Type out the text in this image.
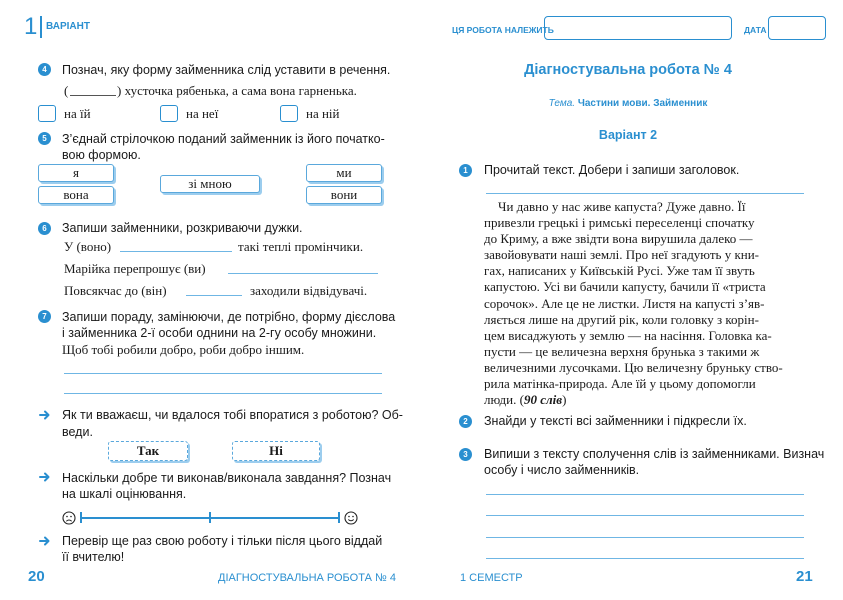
1 ВАРІАНТ
4	Познач, яку форму займенника слід уставити в речення.
(	) хусточка рябенька, а сама вона гарненька.
на їй	на неї	на ній
5	З’єднай стрілочкою поданий займенник із його початко-
вою формою.
я
вона
зі мною
ми
вони
6	Запиши займенники, розкриваючи дужки.
У (воно)	такі теплі промінчики.
Марійка перепрошує (ви)
Повсякчас до (він)	заходили відвідувачі.
7	Запиши пораду, замінюючи, де потрібно, форму дієслова
і займенника 2-ї особи однини на 2-гу особу множини.
Щоб тобі робили добро, роби добро іншим.
Як ти вважаєш, чи вдалося тобі впоратися з роботою? Об-
веди.
Так	Ні
Наскільки добре ти виконав/виконала завдання? Познач
на шкалі оцінювання.
Перевір ще раз свою роботу і тільки після цього віддай
її вчителю!
20	ДІАГНОСТУВАЛЬНА РОБОТА № 4
ЦЯ РОБОТА НАЛЕЖИТЬ	ДАТА
Діагностувальна робота № 4
Тема. Частини мови. Займенник
Варіант 2
1	Прочитай текст. Добери і запиши заголовок.

Чи давно у нас живе капуста? Дуже давно. Її

привезли грецькі і римські переселенці спочатку

до Криму, а вже звідти вона вирушила далеко —

завойовувати наші землі. Про неї згадують у кни-

гах, написаних у Київській Русі. Уже там її звуть

капустою. Усі ви бачили капусту, бачили її «триста

сорочок». Але це не листки. Листя на капусті з’яв-

ляється лише на другий рік, коли головку з корін-

цем висаджують у землю — на насіння. Головка ка-

пусти — це величезна верхня брунька з такими ж

величезними лусочками. Цю величезну бруньку ство-

рила матінка-природа. Але їй у цьому допомогли

люди. (90 слів)

2	Знайди у тексті всі займенники і підкресли їх.
3	Випиши з тексту сполучення слів із займенниками. Визнач
особу і число займенників.
1 СЕМЕСТР	21
